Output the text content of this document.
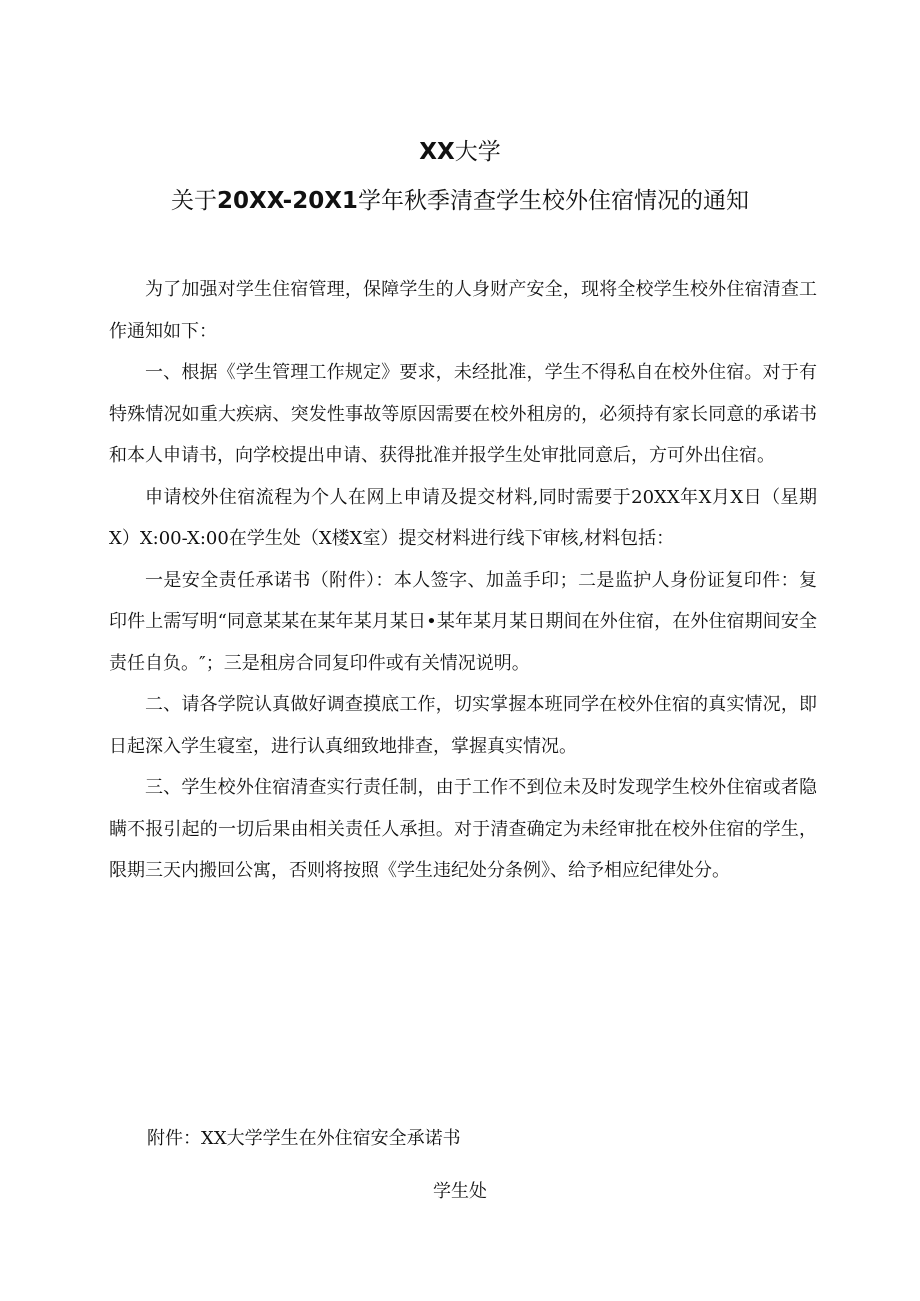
XX大学
关于20XX-20X1学年秋季清查学生校外住宿情况的通知

为了加强对学生住宿管理，保障学生的人身财产安全，现将全校学生校外住宿清查工作通知如下：

一、根据《学生管理工作规定》要求，未经批准，学生不得私自在校外住宿。对于有特殊情况如重大疾病、突发性事故等原因需要在校外租房的，必须持有家长同意的承诺书和本人申请书，向学校提出申请、获得批准并报学生处审批同意后，方可外出住宿。

申请校外住宿流程为个人在网上申请及提交材料,同时需要于20XX年X月X日（星期X）X:00-X:00在学生处（X楼X室）提交材料进行线下审核,材料包括：

一是安全责任承诺书（附件）：本人签字、加盖手印；二是监护人身份证复印件：复印件上需写明“同意某某在某年某月某日•某年某月某日期间在外住宿，在外住宿期间安全责任自负。″；三是租房合同复印件或有关情况说明。

二、请各学院认真做好调查摸底工作，切实掌握本班同学在校外住宿的真实情况，即日起深入学生寝室，进行认真细致地排查，掌握真实情况。

三、学生校外住宿清查实行责任制，由于工作不到位未及时发现学生校外住宿或者隐瞒不报引起的一切后果由相关责任人承担。对于清查确定为未经审批在校外住宿的学生，限期三天内搬回公寓，否则将按照《学生违纪处分条例》、给予相应纪律处分。

附件：XX大学学生在外住宿安全承诺书
学生处
